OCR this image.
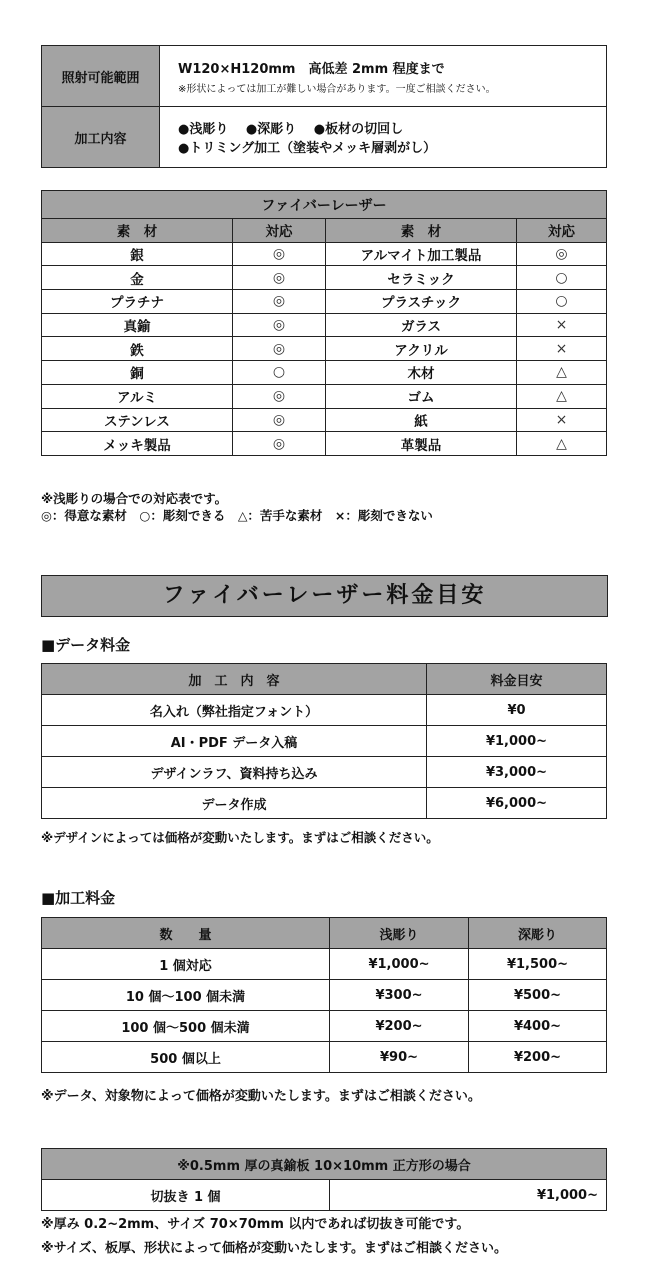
照射可能範囲	W120×H120mm　高低差 2mm 程度まで
※形状によっては加工が難しい場合があります。一度ご相談ください。

加工内容	●浅彫り　 ●深彫り　 ●板材の切回し
●トリミング加工（塗装やメッキ層剥がし）
ファイバーレーザー			
素　材	対応	素　材	対応
銀	◎	アルマイト加工製品	◎
金	◎	セラミック	○
プラチナ	◎	プラスチック	○
真鍮	◎	ガラス	×
鉄	◎	アクリル	×
銅	○	木材	△
アルミ	◎	ゴム	△
ステンレス	◎	紙	×
メッキ製品	◎	革製品	△
※浅彫りの場合での対応表です。
◎：得意な素材　○：彫刻できる　△：苦手な素材　×：彫刻できない
ファイバーレーザー料金目安
■データ料金
加　工　内　容	料金目安
名入れ（弊社指定フォント）	¥0
AI・PDF データ入稿	¥1,000~
デザインラフ、資料持ち込み	¥3,000~
データ作成	¥6,000~
※デザインによっては価格が変動いたします。まずはご相談ください。
■加工料金
数　　量	浅彫り	深彫り
1 個対応	¥1,000~	¥1,500~
10 個～100 個未満	¥300~	¥500~
100 個～500 個未満	¥200~	¥400~
500 個以上	¥90~	¥200~
※データ、対象物によって価格が変動いたします。まずはご相談ください。
※0.5mm 厚の真鍮板 10×10mm 正方形の場合
切抜き 1 個	¥1,000~
※厚み 0.2~2mm、サイズ 70×70mm 以内であれば切抜き可能です。
※サイズ、板厚、形状によって価格が変動いたします。まずはご相談ください。
